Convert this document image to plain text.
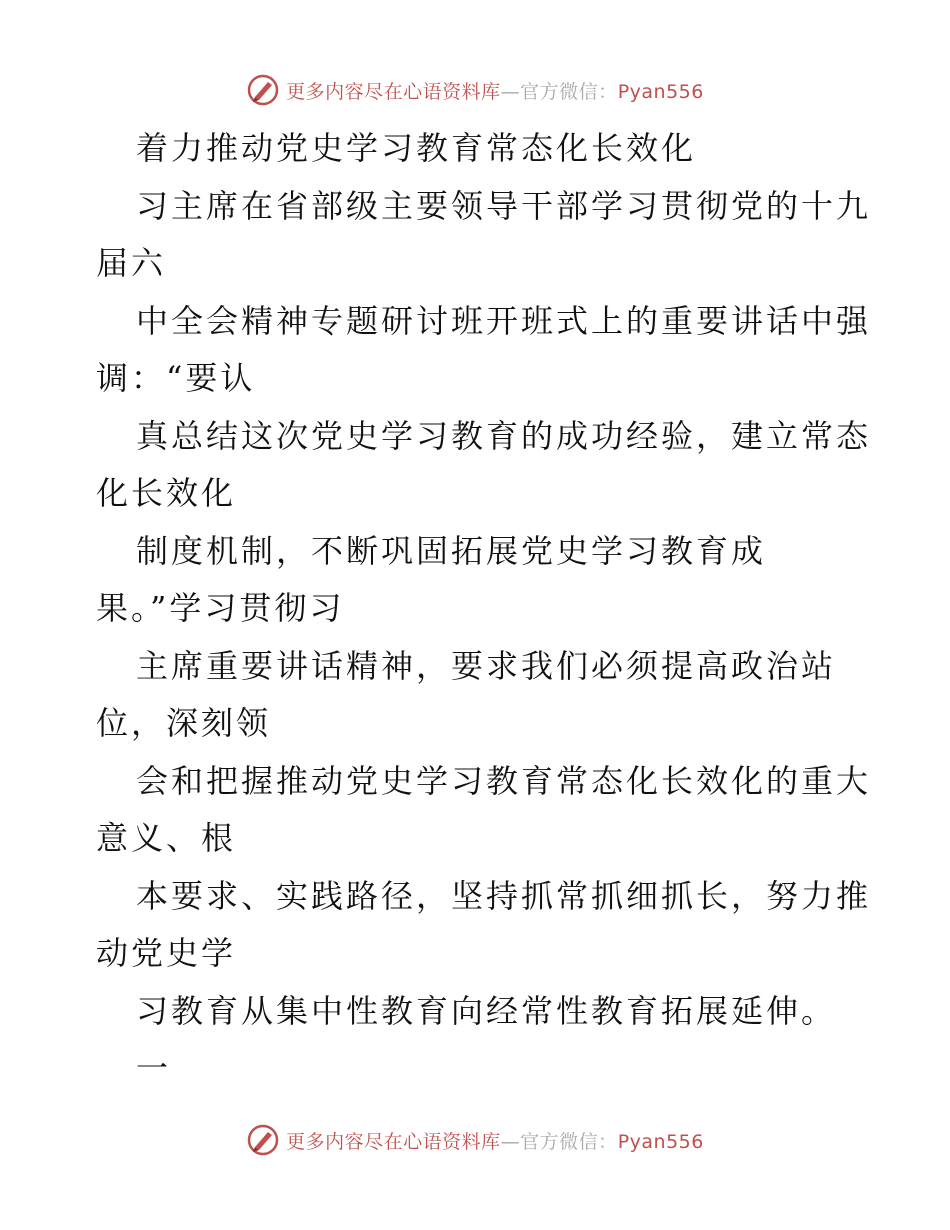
更多内容尽在心语资料库—官方微信：Pyan556
着力推动党史学习教育常态化长效化
习主席在省部级主要领导干部学习贯彻党的十九
届六
中全会精神专题研讨班开班式上的重要讲话中强
调：“要认
真总结这次党史学习教育的成功经验，建立常态
化长效化
制度机制，不断巩固拓展党史学习教育成
果。”学习贯彻习
主席重要讲话精神，要求我们必须提高政治站
位，深刻领
会和把握推动党史学习教育常态化长效化的重大
意义、根
本要求、实践路径，坚持抓常抓细抓长，努力推
动党史学
习教育从集中性教育向经常性教育拓展延伸。
一
更多内容尽在心语资料库—官方微信：Pyan556
